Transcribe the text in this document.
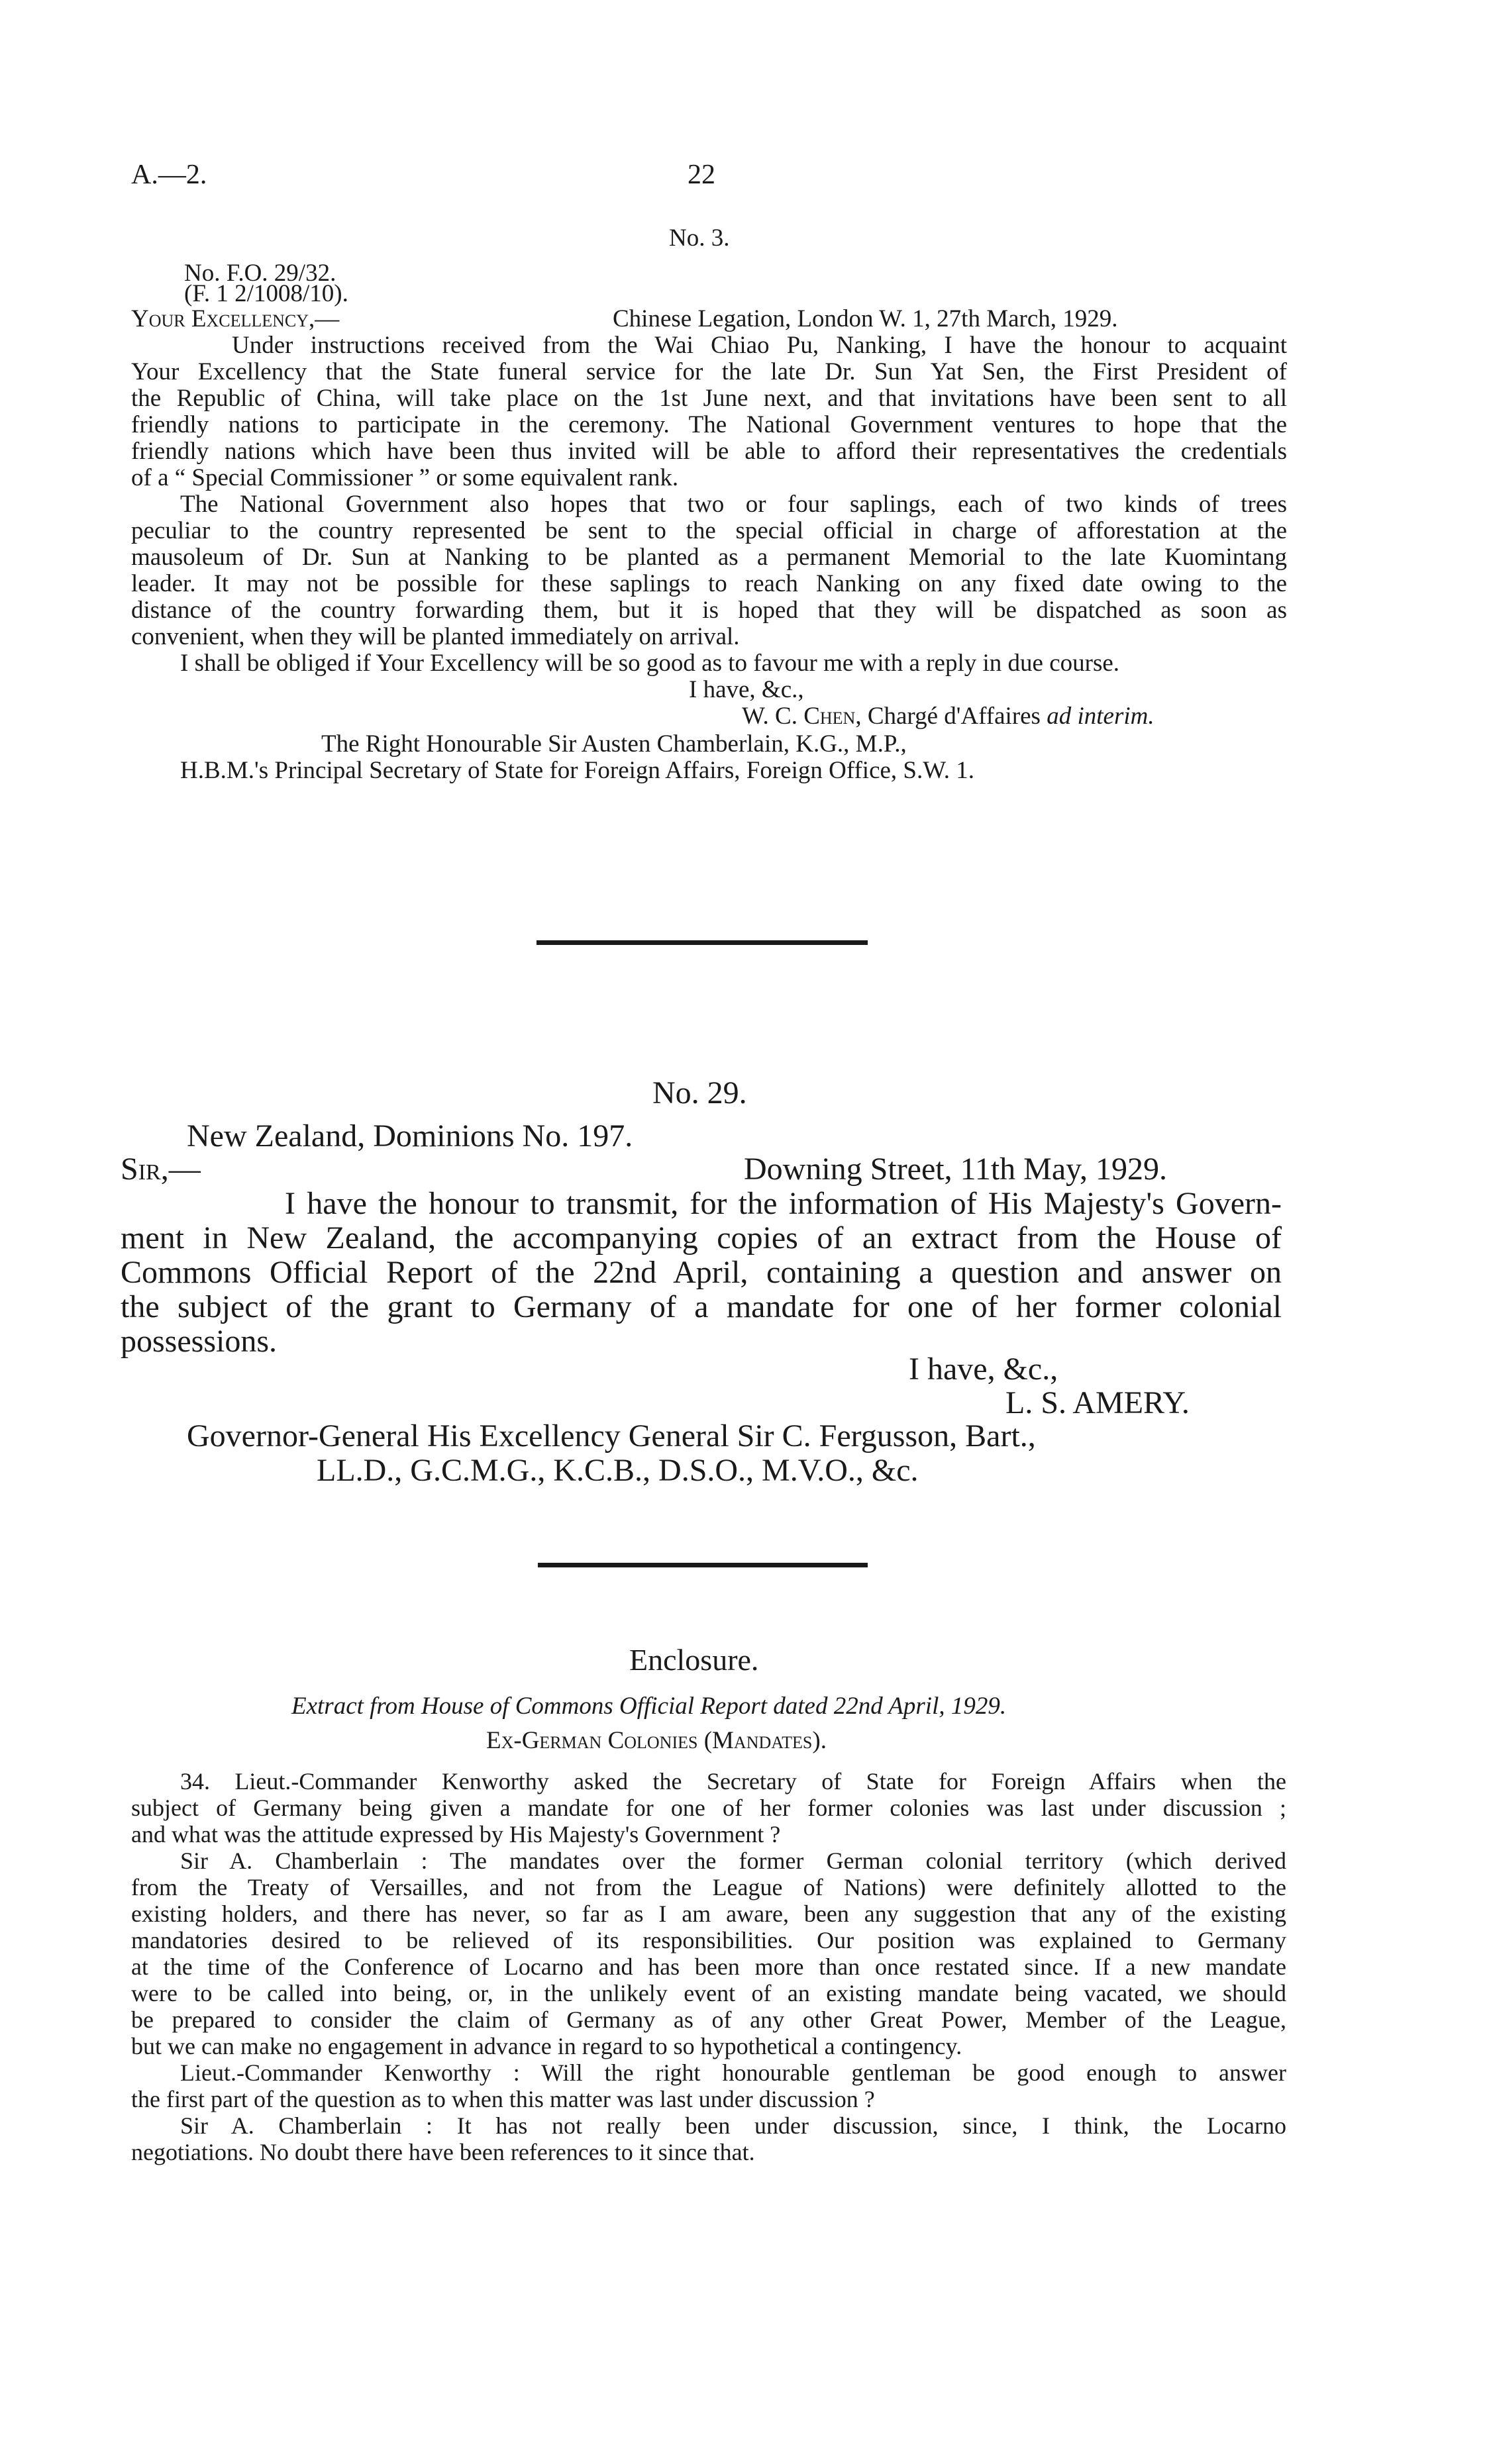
A.—2.	22
No. 3.
No. F.O. 29/32.
(F. 1 2/1008/10).
Your Excellency,—	Chinese Legation, London W. 1, 27th March, 1929.
Under instructions received from the Wai Chiao Pu, Nanking, I have the honour to acquaint
Your Excellency that the State funeral service for the late Dr. Sun Yat Sen, the First President of
the Republic of China, will take place on the 1st June next, and that invitations have been sent to all
friendly nations to participate in the ceremony. The National Government ventures to hope that the
friendly nations which have been thus invited will be able to afford their representatives the credentials
of a “ Special Commissioner ” or some equivalent rank.
The National Government also hopes that two or four saplings, each of two kinds of trees
peculiar to the country represented be sent to the special official in charge of afforestation at the
mausoleum of Dr. Sun at Nanking to be planted as a permanent Memorial to the late Kuomintang
leader. It may not be possible for these saplings to reach Nanking on any fixed date owing to the
distance of the country forwarding them, but it is hoped that they will be dispatched as soon as
convenient, when they will be planted immediately on arrival.
I shall be obliged if Your Excellency will be so good as to favour me with a reply in due course.
I have, &c.,
W. C. Chen, Chargé d'Affaires ad interim.
The Right Honourable Sir Austen Chamberlain, K.G., M.P.,
H.B.M.'s Principal Secretary of State for Foreign Affairs, Foreign Office, S.W. 1.
No. 29.
New Zealand, Dominions No. 197.
Sir,—	Downing Street, 11th May, 1929.
I have the honour to transmit, for the information of His Majesty's Govern-
ment in New Zealand, the accompanying copies of an extract from the House of
Commons Official Report of the 22nd April, containing a question and answer on
the subject of the grant to Germany of a mandate for one of her former colonial
possessions.
I have, &c.,
L. S. AMERY.
Governor-General His Excellency General Sir C. Fergusson, Bart.,
LL.D., G.C.M.G., K.C.B., D.S.O., M.V.O., &c.
Enclosure.
Extract from House of Commons Official Report dated 22nd April, 1929.
Ex-German Colonies (Mandates).
34. Lieut.-Commander Kenworthy asked the Secretary of State for Foreign Affairs when the
subject of Germany being given a mandate for one of her former colonies was last under discussion ;
and what was the attitude expressed by His Majesty's Government ?
Sir A. Chamberlain : The mandates over the former German colonial territory (which derived
from the Treaty of Versailles, and not from the League of Nations) were definitely allotted to the
existing holders, and there has never, so far as I am aware, been any suggestion that any of the existing
mandatories desired to be relieved of its responsibilities. Our position was explained to Germany
at the time of the Conference of Locarno and has been more than once restated since. If a new mandate
were to be called into being, or, in the unlikely event of an existing mandate being vacated, we should
be prepared to consider the claim of Germany as of any other Great Power, Member of the League,
but we can make no engagement in advance in regard to so hypothetical a contingency.
Lieut.-Commander Kenworthy : Will the right honourable gentleman be good enough to answer
the first part of the question as to when this matter was last under discussion ?
Sir A. Chamberlain : It has not really been under discussion, since, I think, the Locarno
negotiations. No doubt there have been references to it since that.
